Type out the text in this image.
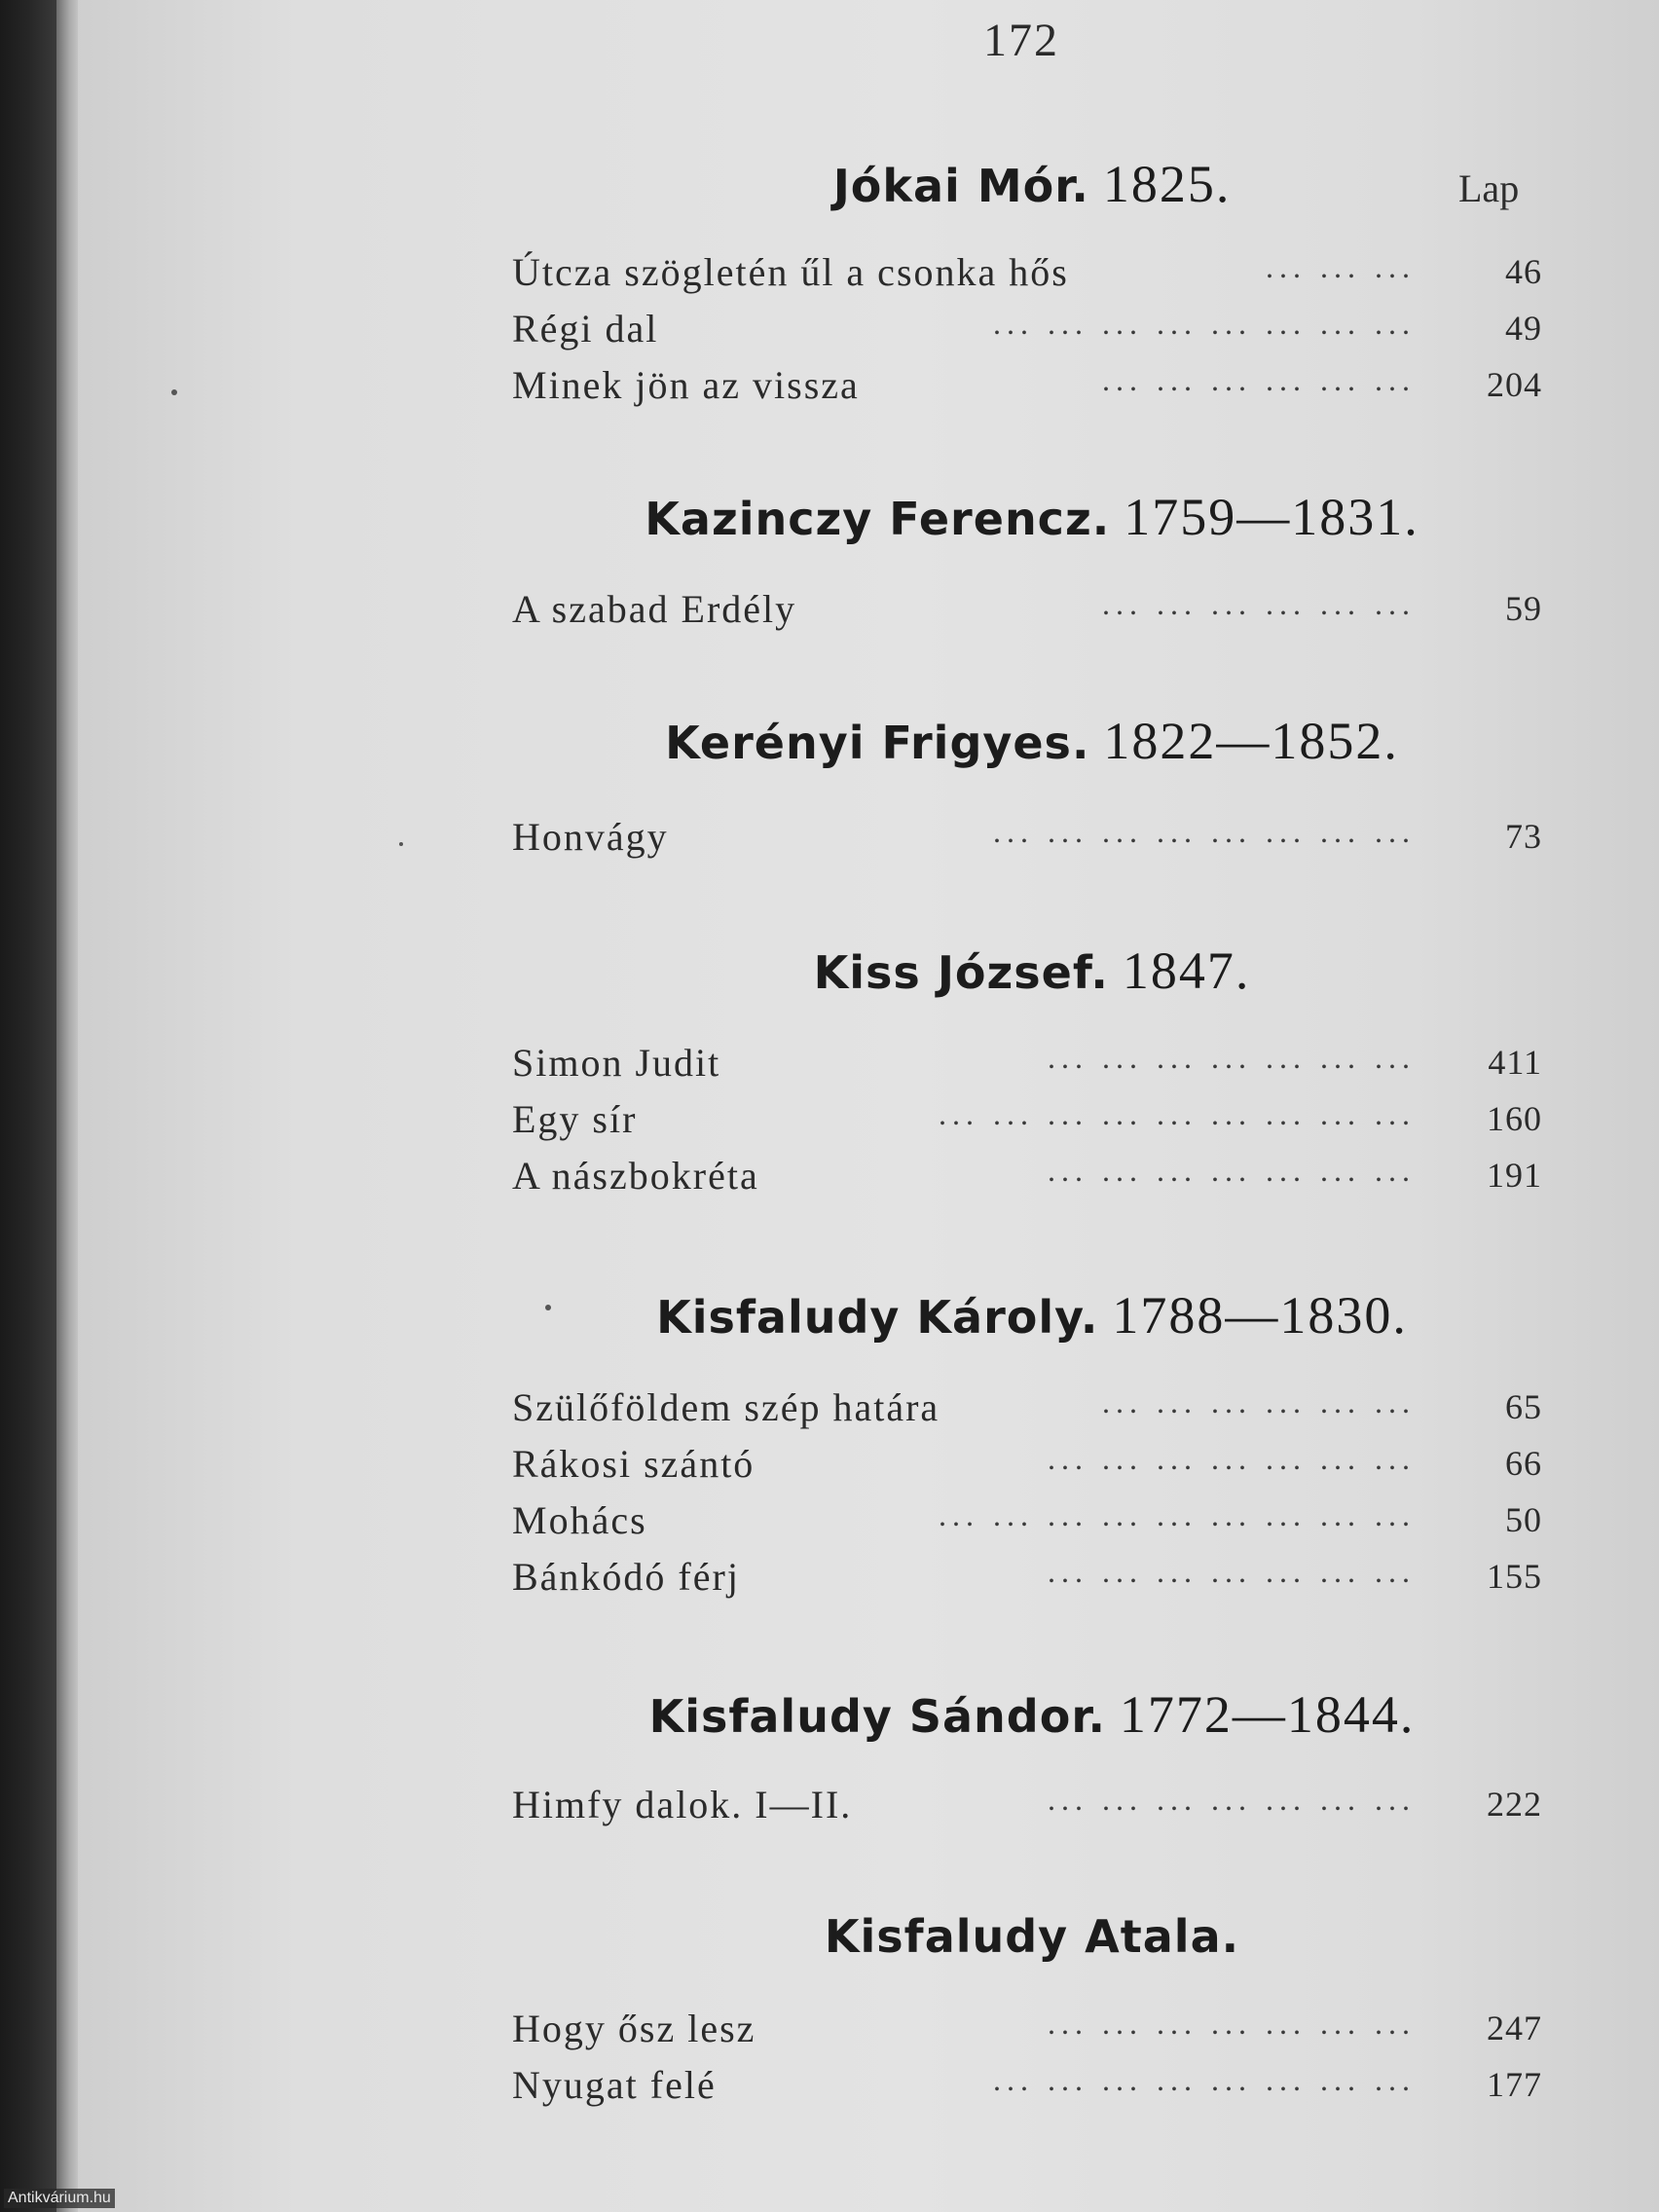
172
Lap
Jókai Mór. 1825.
Útcza szögletén űl a csonka hős	... ... ...	46
Régi dal	... ... ... ... ... ... ... ...	49
Minek jön az vissza	... ... ... ... ... ... 204
Kazinczy Ferencz. 1759—1831.
A szabad Erdély	... ... ... ... ... ...	59
Kerényi Frigyes. 1822—1852.
Honvágy	... ... ... ... ... ... ... ...	73
Kiss József. 1847.
Simon Judit	... ... ... ... ... ... ... 411
Egy sír	... ... ... ... ... ... ... ... ... 160
A nászbokréta	... ... ... ... ... ... ... 191
Kisfaludy Károly. 1788—1830.
Szülőföldem szép határa	... ... ... ... ... ...	65
Rákosi szántó	... ... ... ... ... ... ...	66
Mohács	... ... ... ... ... ... ... ... ...	50
Bánkódó férj	... ... ... ... ... ... ... 155
Kisfaludy Sándor. 1772—1844.
Himfy dalok. I—II.	... ... ... ... ... ... ... 222
Kisfaludy Atala.
Hogy ősz lesz	... ... ... ... ... ... ... 247
Nyugat felé	... ... ... ... ... ... ... ... 177
Antikvárium.hu
